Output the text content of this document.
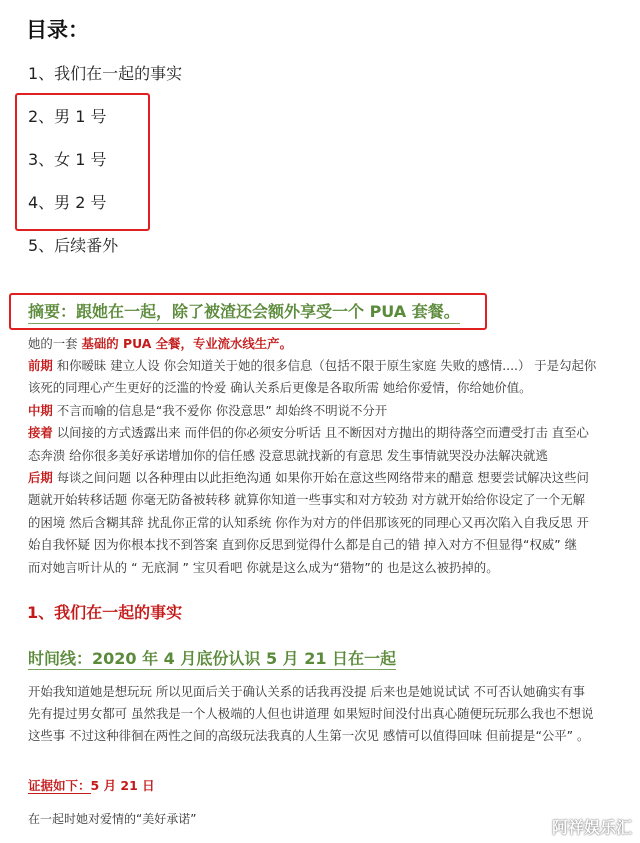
目录：
1、我们在一起的事实
2、男 1 号
3、女 1 号
4、男 2 号
5、后续番外
摘要：跟她在一起，除了被渣还会额外享受一个 PUA 套餐。
她的一套 基础的 PUA 全餐，专业流水线生产。
前期 和你暧昧 建立人设 你会知道关于她的很多信息（包括不限于原生家庭 失败的感情....） 于是勾起你
该死的同理心产生更好的泛滥的怜爱 确认关系后更像是各取所需 她给你爱情，你给她价值。
中期 不言而喻的信息是“我不爱你 你没意思” 却始终不明说不分开
接着 以间接的方式透露出来 而伴侣的你必须安分听话 且不断因对方抛出的期待落空而遭受打击 直至心
态奔溃 给你很多美好承诺增加你的信任感 没意思就找新的有意思 发生事情就哭没办法解决就逃
后期 每谈之间问题 以各种理由以此拒绝沟通 如果你开始在意这些网络带来的醋意 想要尝试解决这些问
题就开始转移话题 你毫无防备被转移 就算你知道一些事实和对方较劲 对方就开始给你设定了一个无解
的困境 然后含糊其辞 扰乱你正常的认知系统 你作为对方的伴侣那该死的同理心又再次陷入自我反思 开
始自我怀疑 因为你根本找不到答案 直到你反思到觉得什么都是自己的错 掉入对方不但显得“权威” 继
而对她言听计从的 “ 无底洞 ” 宝贝看吧 你就是这么成为“猎物”的 也是这么被扔掉的。
1、我们在一起的事实
时间线：2020 年 4 月底份认识 5 月 21 日在一起
开始我知道她是想玩玩 所以见面后关于确认关系的话我再没提 后来也是她说试试 不可否认她确实有事
先有提过男女都可 虽然我是一个人极端的人但也讲道理 如果短时间没付出真心随便玩玩那么我也不想说
这些事 不过这种徘徊在两性之间的高级玩法我真的人生第一次见 感情可以值得回味 但前提是“公平” 。
证据如下：5 月 21 日
在一起时她对爱情的“美好承诺”	阿祥娱乐汇
